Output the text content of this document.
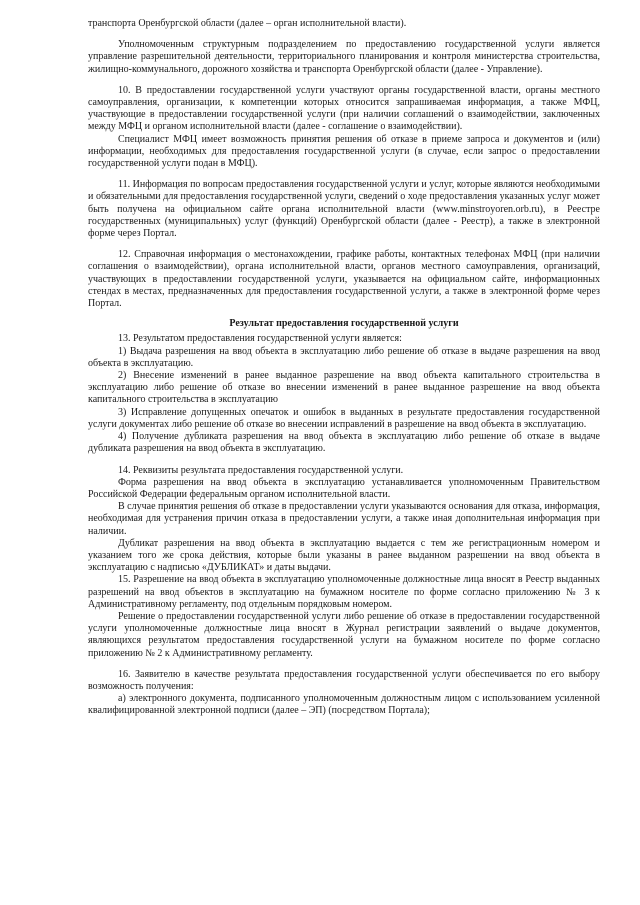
транспорта Оренбургской области (далее – орган исполнительной власти).

Уполномоченным структурным подразделением по предоставлению государственной услуги является управление разрешительной деятельности, территориального планирования и контроля министерства строительства, жилищно-коммунального, дорожного хозяйства и транспорта Оренбургской области (далее - Управление).

10. В предоставлении государственной услуги участвуют органы государственной власти, органы местного самоуправления, организации, к компетенции которых относится запрашиваемая информация, а также МФЦ, участвующие в предоставлении государственной услуги (при наличии соглашений о взаимодействии, заключенных между МФЦ и органом исполнительной власти (далее - соглашение о взаимодействии).

Специалист МФЦ имеет возможность принятия решения об отказе в приеме запроса и документов и (или) информации, необходимых для предоставления государственной услуги (в случае, если запрос о предоставлении государственной услуги подан в МФЦ).

11. Информация по вопросам предоставления государственной услуги и услуг, которые являются необходимыми и обязательными для предоставления государственной услуги, сведений о ходе предоставления указанных услуг может быть получена на официальном сайте органа исполнительной власти (www.minstroyoren.orb.ru), в Реестре государственных (муниципальных) услуг (функций) Оренбургской области (далее - Реестр), а также в электронной форме через Портал.

12. Справочная информация о местонахождении, графике работы, контактных телефонах МФЦ (при наличии соглашения о взаимодействии), органа исполнительной власти, органов местного самоуправления, организаций, участвующих в предоставлении государственной услуги, указывается на официальном сайте, информационных стендах в местах, предназначенных для предоставления государственной услуги, а также в электронной форме через Портал.

Результат предоставления государственной услуги

13. Результатом предоставления государственной услуги является:

1) Выдача разрешения на ввод объекта в эксплуатацию либо решение об отказе в выдаче разрешения на ввод объекта в эксплуатацию.

2) Внесение изменений в ранее выданное разрешение на ввод объекта капитального строительства в эксплуатацию либо решение об отказе во внесении изменений в ранее выданное разрешение на ввод объекта капитального строительства в эксплуатацию

3) Исправление допущенных опечаток и ошибок в выданных в результате предоставления государственной услуги документах либо решение об отказе во внесении исправлений в разрешение на ввод объекта в эксплуатацию.

4) Получение дубликата разрешения на ввод объекта в эксплуатацию либо решение об отказе в выдаче дубликата разрешения на ввод объекта в эксплуатацию.

14. Реквизиты результата предоставления государственной услуги.

Форма разрешения на ввод объекта в эксплуатацию устанавливается уполномоченным Правительством Российской Федерации федеральным органом исполнительной власти.

В случае принятия решения об отказе в предоставлении услуги указываются основания для отказа, информация, необходимая для устранения причин отказа в предоставлении услуги, а также иная дополнительная информация при наличии.

Дубликат разрешения на ввод объекта в эксплуатацию выдается с тем же регистрационным номером и указанием того же срока действия, которые были указаны в ранее выданном разрешении на ввод объекта в эксплуатацию с надписью «ДУБЛИКАТ» и даты выдачи.

15. Разрешение на ввод объекта в эксплуатацию уполномоченные должностные лица вносят в Реестр выданных разрешений на ввод объектов в эксплуатацию на бумажном носителе по форме согласно приложению № 3 к Административному регламенту, под отдельным порядковым номером.

Решение о предоставлении государственной услуги либо решение об отказе в предоставлении государственной услуги уполномоченные должностные лица вносят в Журнал регистрации заявлений о выдаче документов, являющихся результатом предоставления государственной услуги на бумажном носителе по форме согласно приложению № 2 к Административному регламенту.

16. Заявителю в качестве результата предоставления государственной услуги обеспечивается по его выбору возможность получения:

а) электронного документа, подписанного уполномоченным должностным лицом с использованием усиленной квалифицированной электронной подписи (далее – ЭП) (посредством Портала);
